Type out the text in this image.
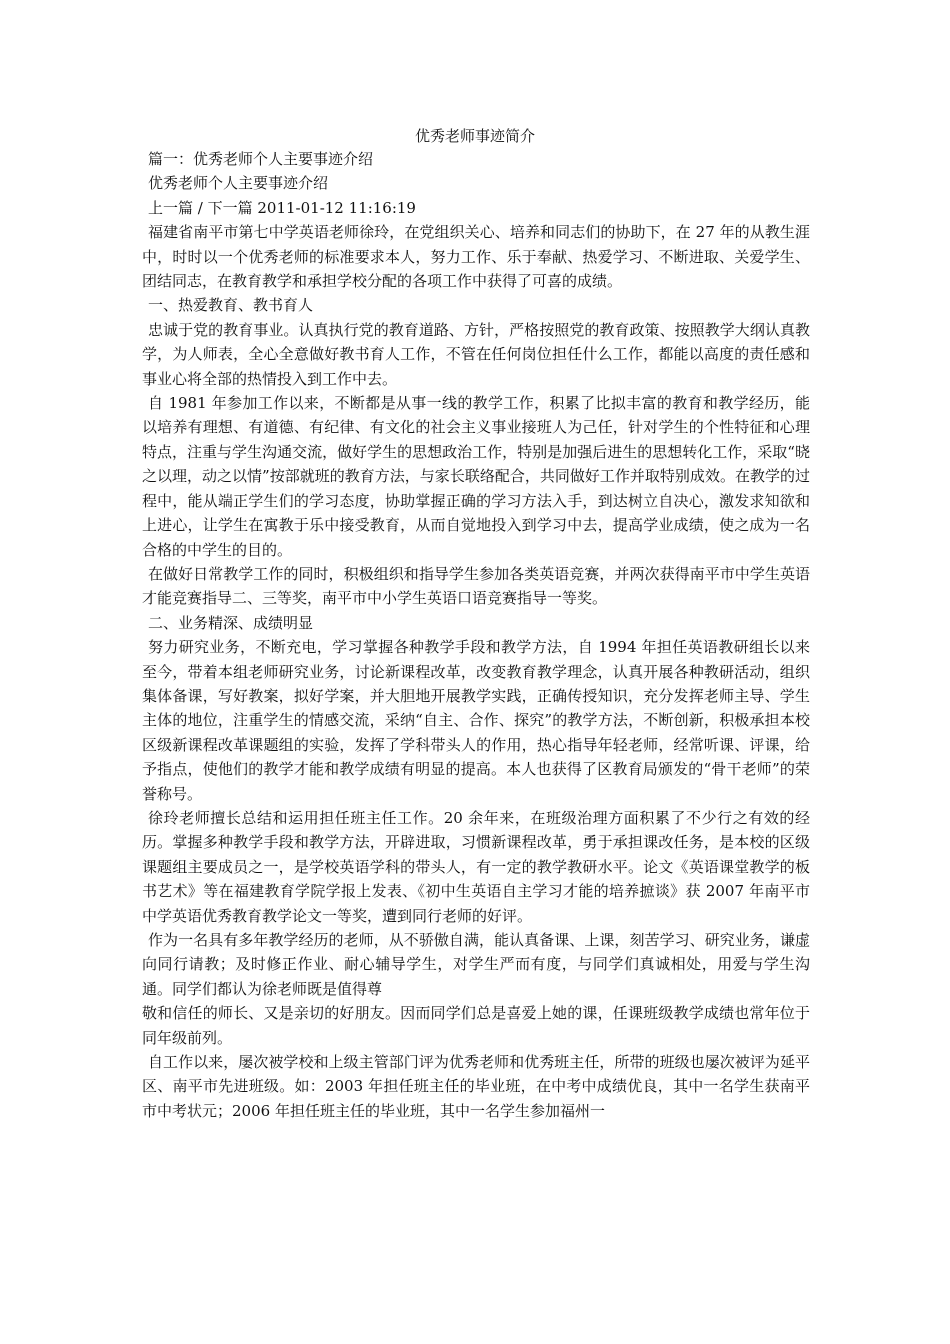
优秀老师事迹简介

篇一：优秀老师个人主要事迹介绍

优秀老师个人主要事迹介绍

上一篇 / 下一篇 2011-01-12 11:16:19

福建省南平市第七中学英语老师徐玲，在党组织关心、培养和同志们的协助下，在 27 年的从教生涯中，时时以一个优秀老师的标准要求本人，努力工作、乐于奉献、热爱学习、不断进取、关爱学生、团结同志，在教育教学和承担学校分配的各项工作中获得了可喜的成绩。

一、热爱教育、教书育人

忠诚于党的教育事业。认真执行党的教育道路、方针，严格按照党的教育政策、按照教学大纲认真教学，为人师表，全心全意做好教书育人工作，不管在任何岗位担任什么工作，都能以高度的责任感和事业心将全部的热情投入到工作中去。

自 1981 年参加工作以来，不断都是从事一线的教学工作，积累了比拟丰富的教育和教学经历，能以培养有理想、有道德、有纪律、有文化的社会主义事业接班人为己任，针对学生的个性特征和心理特点，注重与学生沟通交流，做好学生的思想政治工作，特别是加强后进生的思想转化工作，采取“晓之以理，动之以情”按部就班的教育方法，与家长联络配合，共同做好工作并取特别成效。在教学的过程中，能从端正学生们的学习态度，协助掌握正确的学习方法入手，到达树立自决心，激发求知欲和上进心，让学生在寓教于乐中接受教育，从而自觉地投入到学习中去，提高学业成绩，使之成为一名合格的中学生的目的。

在做好日常教学工作的同时，积极组织和指导学生参加各类英语竞赛，并两次获得南平市中学生英语才能竞赛指导二、三等奖，南平市中小学生英语口语竞赛指导一等奖。

二、业务精深、成绩明显

努力研究业务，不断充电，学习掌握各种教学手段和教学方法，自 1994 年担任英语教研组长以来至今，带着本组老师研究业务，讨论新课程改革，改变教育教学理念，认真开展各种教研活动，组织集体备课，写好教案，拟好学案，并大胆地开展教学实践，正确传授知识，充分发挥老师主导、学生主体的地位，注重学生的情感交流，采纳“自主、合作、探究”的教学方法，不断创新，积极承担本校区级新课程改革课题组的实验，发挥了学科带头人的作用，热心指导年轻老师，经常听课、评课，给予指点，使他们的教学才能和教学成绩有明显的提高。本人也获得了区教育局颁发的“骨干老师”的荣誉称号。

徐玲老师擅长总结和运用担任班主任工作。20 余年来，在班级治理方面积累了不少行之有效的经历。掌握多种教学手段和教学方法，开辟进取，习惯新课程改革，勇于承担课改任务，是本校的区级课题组主要成员之一，是学校英语学科的带头人，有一定的教学教研水平。论文《英语课堂教学的板书艺术》等在福建教育学院学报上发表、《初中生英语自主学习才能的培养摭谈》获 2007 年南平市中学英语优秀教育教学论文一等奖，遭到同行老师的好评。

作为一名具有多年教学经历的老师，从不骄傲自满，能认真备课、上课，刻苦学习、研究业务，谦虚向同行请教；及时修正作业、耐心辅导学生，对学生严而有度，与同学们真诚相处，用爱与学生沟通。同学们都认为徐老师既是值得尊

敬和信任的师长、又是亲切的好朋友。因而同学们总是喜爱上她的课，任课班级教学成绩也常年位于同年级前列。

自工作以来，屡次被学校和上级主管部门评为优秀老师和优秀班主任，所带的班级也屡次被评为延平区、南平市先进班级。如：2003 年担任班主任的毕业班，在中考中成绩优良，其中一名学生获南平市中考状元；2006 年担任班主任的毕业班，其中一名学生参加福州一
